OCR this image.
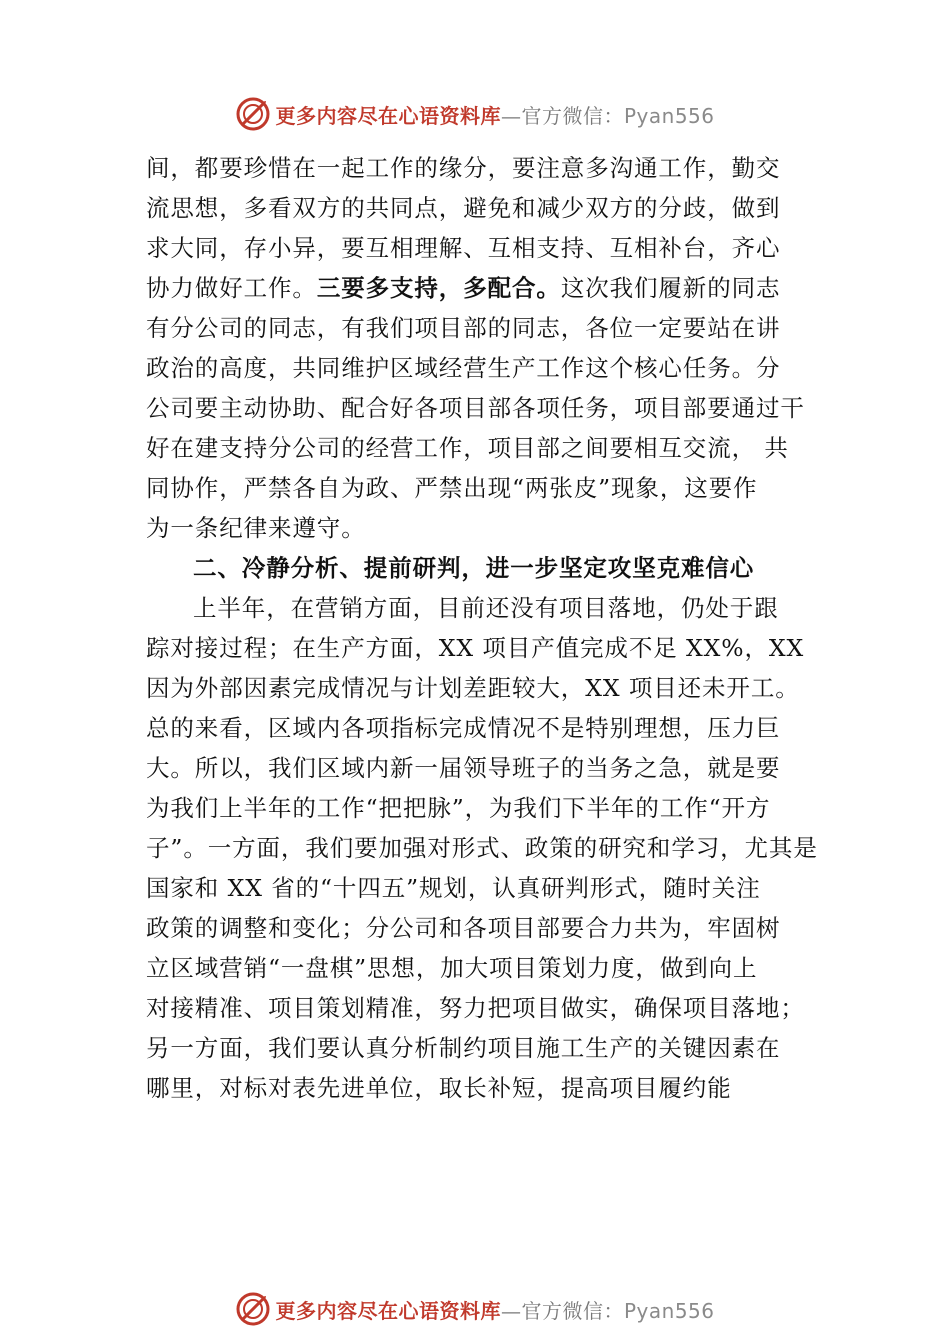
更多内容尽在心语资料库—官方微信：Pyan556
间，都要珍惜在一起工作的缘分，要注意多沟通工作，勤交
流思想，多看双方的共同点，避免和减少双方的分歧，做到
求大同，存小异，要互相理解、互相支持、互相补台，齐心
协力做好工作。三要多支持，多配合。这次我们履新的同志
有分公司的同志，有我们项目部的同志，各位一定要站在讲
政治的高度，共同维护区域经营生产工作这个核心任务。分
公司要主动协助、配合好各项目部各项任务，项目部要通过干
好在建支持分公司的经营工作，项目部之间要相互交流， 共
同协作，严禁各自为政、严禁出现“两张皮”现象，这要作
为一条纪律来遵守。
二、冷静分析、提前研判，进一步坚定攻坚克难信心
上半年，在营销方面，目前还没有项目落地，仍处于跟
踪对接过程；在生产方面，XX 项目产值完成不足 XX%，XX
因为外部因素完成情况与计划差距较大，XX 项目还未开工。
总的来看，区域内各项指标完成情况不是特别理想，压力巨
大。所以，我们区域内新一届领导班子的当务之急，就是要
为我们上半年的工作“把把脉”，为我们下半年的工作“开方
子”。一方面，我们要加强对形式、政策的研究和学习，尤其是
国家和 XX 省的“十四五”规划，认真研判形式，随时关注
政策的调整和变化；分公司和各项目部要合力共为，牢固树
立区域营销“一盘棋”思想，加大项目策划力度，做到向上
对接精准、项目策划精准，努力把项目做实，确保项目落地；
另一方面，我们要认真分析制约项目施工生产的关键因素在
哪里，对标对表先进单位，取长补短，提高项目履约能
更多内容尽在心语资料库—官方微信：Pyan556
